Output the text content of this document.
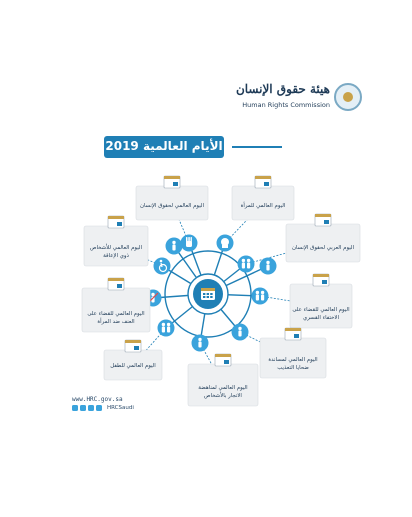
هيئة حقوق الإنسان
Human Rights Commission
الأيام العالمية 2019
اليوم العالمي لحقوق الإنسان	اليوم العالمي للمرأة
اليوم العربي لحقوق الإنسان
اليوم العالمي للقضاء على
الاختفاء القسري
اليوم العالمي لمساندة
ضحايا التعذيب
اليوم العالمي لمناهضة
الاتجار بالأشخاص
اليوم العالمي للطفل
اليوم العالمي للقضاء على
العنف ضد المرأة
اليوم العالمي للأشخاص
ذوي الإعاقة
www.HRC.gov.sa
HRCSaudi
